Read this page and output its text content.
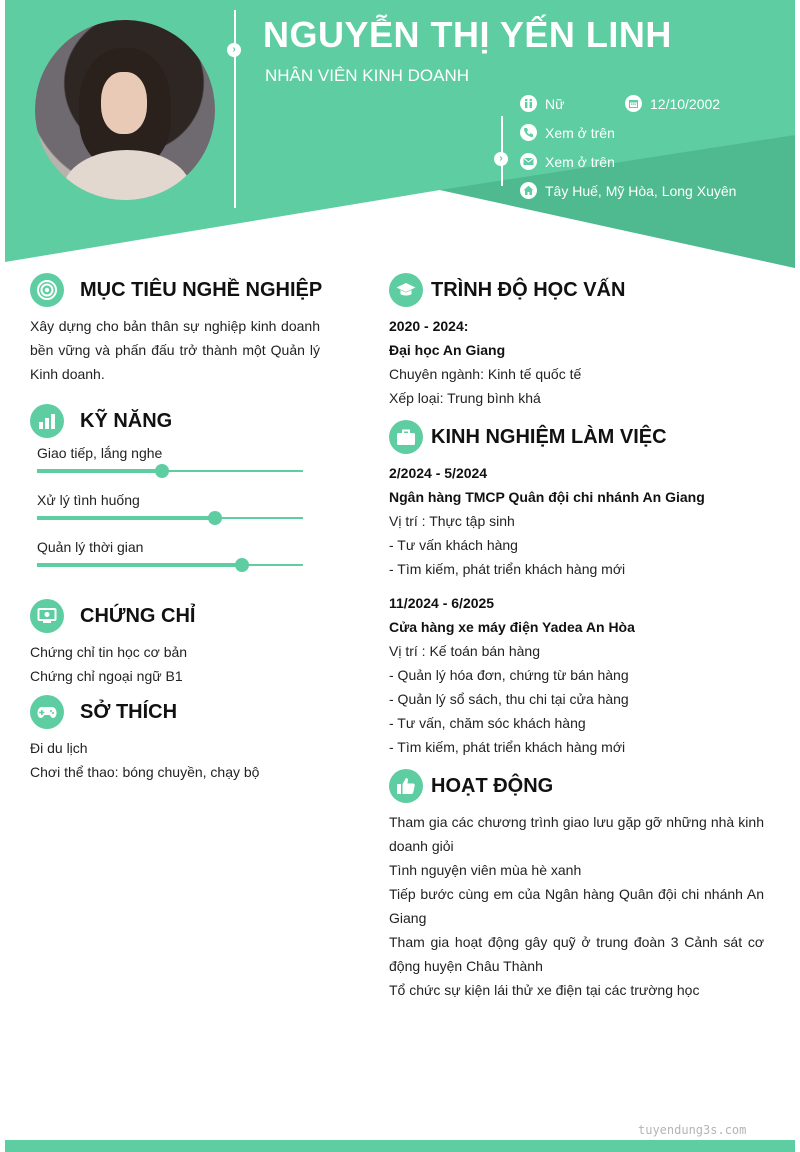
› NGUYỄN THỊ YẾN LINH
NHÂN VIÊN KINH DOANH
›
Nữ	12/10/2002
Xem ở trên
Xem ở trên
Tây Huế, Mỹ Hòa, Long Xuyên
MỤC TIÊU NGHỀ NGHIỆP

Xây dựng cho bản thân sự nghiệp kinh doanh bền vững và phấn đấu trở thành một Quản lý Kinh doanh.

KỸ NĂNG
Giao tiếp, lắng nghe
Xử lý tình huống
Quản lý thời gian
CHỨNG CHỈ

Chứng chỉ tin học cơ bản

Chứng chỉ ngoại ngữ B1

SỞ THÍCH

Đi du lịch

Chơi thể thao: bóng chuyền, chạy bộ

TRÌNH ĐỘ HỌC VẤN

2020 - 2024:

Đại học An Giang

Chuyên ngành: Kinh tế quốc tế

Xếp loại: Trung bình khá

KINH NGHIỆM LÀM VIỆC

2/2024 - 5/2024

Ngân hàng TMCP Quân đội chi nhánh An Giang

Vị trí : Thực tập sinh

- Tư vấn khách hàng

- Tìm kiếm, phát triển khách hàng mới

11/2024 - 6/2025

Cửa hàng xe máy điện Yadea An Hòa

Vị trí : Kế toán bán hàng

- Quản lý hóa đơn, chứng từ bán hàng

- Quản lý sổ sách, thu chi tại cửa hàng

- Tư vấn, chăm sóc khách hàng

- Tìm kiếm, phát triển khách hàng mới

HOẠT ĐỘNG

Tham gia các chương trình giao lưu gặp gỡ những nhà kinh doanh giỏi

Tình nguyện viên mùa hè xanh

Tiếp bước cùng em của Ngân hàng Quân đội chi nhánh An Giang

Tham gia hoạt động gây quỹ ở trung đoàn 3 Cảnh sát cơ động huyện Châu Thành

Tổ chức sự kiện lái thử xe điện tại các trường học

tuyendung3s.com
